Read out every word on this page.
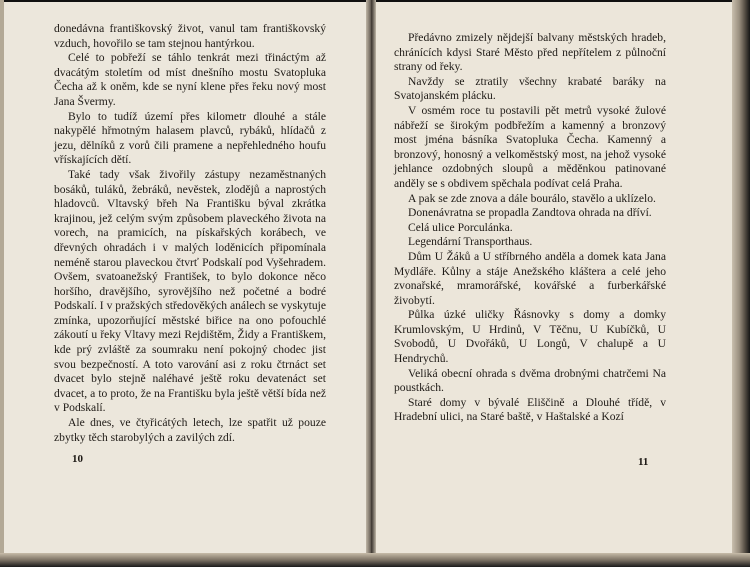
donedávna františkovský život, vanul tam františkovský vzduch, hovořilo se tam stejnou hantýrkou.

Celé to pobřeží se táhlo tenkrát mezi třináctým až dvacátým stoletím od míst dnešního mostu Svatopluka Čecha až k oněm, kde se nyní klene přes řeku nový most Jana Švermy.

Bylo to tudíž území přes kilometr dlouhé a stále nakypělé hřmotným halasem plavců, rybáků, hlídačů z jezu, dělníků z vorů čili pramene a nepřehledného houfu vřískajících dětí.

Také tady však živořily zástupy nezaměstnaných bosáků, tuláků, žebráků, nevěstek, zlodějů a naprostých hladovců. Vltavský břeh Na Františku býval zkrátka krajinou, jež celým svým způsobem plaveckého života na vorech, na pramicích, na pískařských korábech, ve dřevných ohradách i v malých loděnicích připomínala neméně starou plaveckou čtvrť Podskalí pod Vyšehradem. Ovšem, svatoanežský František, to bylo dokonce něco horšího, dravějšího, syrovějšího než početné a bodré Podskalí. I v pražských středověkých análech se vyskytuje zmínka, upozorňující městské biřice na ono pofouchlé zákoutí u řeky Vltavy mezi Rejdištěm, Židy a Františkem, kde prý zvláště za soumraku není pokojný chodec jist svou bezpečností. A toto varování asi z roku čtrnáct set dvacet bylo stejně naléhavé ještě roku devatenáct set dvacet, a to proto, že na Františku byla ještě větší bída než v Podskalí.

Ale dnes, ve čtyřicátých letech, lze spatřit už pouze zbytky těch starobylých a zavilých zdí.

10

Předávno zmizely nějdejší balvany městských hradeb, chránících kdysi Staré Město před nepřítelem z půlnoční strany od řeky.

Navždy se ztratily všechny krabaté baráky na Svatojanském plácku.

V osmém roce tu postavili pět metrů vysoké žulové nábřeží se širokým podbřežím a kamenný a bronzový most jména básníka Svatopluka Čecha. Kamenný a bronzový, honosný a velkoměstský most, na jehož vysoké jehlance ozdobných sloupů a měděnkou patinované anděly se s obdivem spěchala podívat celá Praha.

A pak se zde znova a dále bourálo, stavělo a uklízelo.

Donenávratna se propadla Zandtova ohrada na dříví.

Celá ulice Porculánka.

Legendární Transporthaus.

Dům U Žáků a U stříbrného anděla a domek kata Jana Mydláře. Kůlny a stáje Anežského kláštera a celé jeho zvonařské, mramorářské, kovářské a furberkářské živobytí.

Půlka úzké uličky Řásnovky s domy a domky Krumlovským, U Hrdinů, V Těčnu, U Kubíčků, U Svobodů, U Dvořáků, U Longů, V chalupě a U Hendrychů.

Veliká obecní ohrada s dvěma drobnými chatrčemi Na poustkách.

Staré domy v bývalé Eliščině a Dlouhé třídě, v Hradební ulici, na Staré baště, v Haštalské a Kozí

11
